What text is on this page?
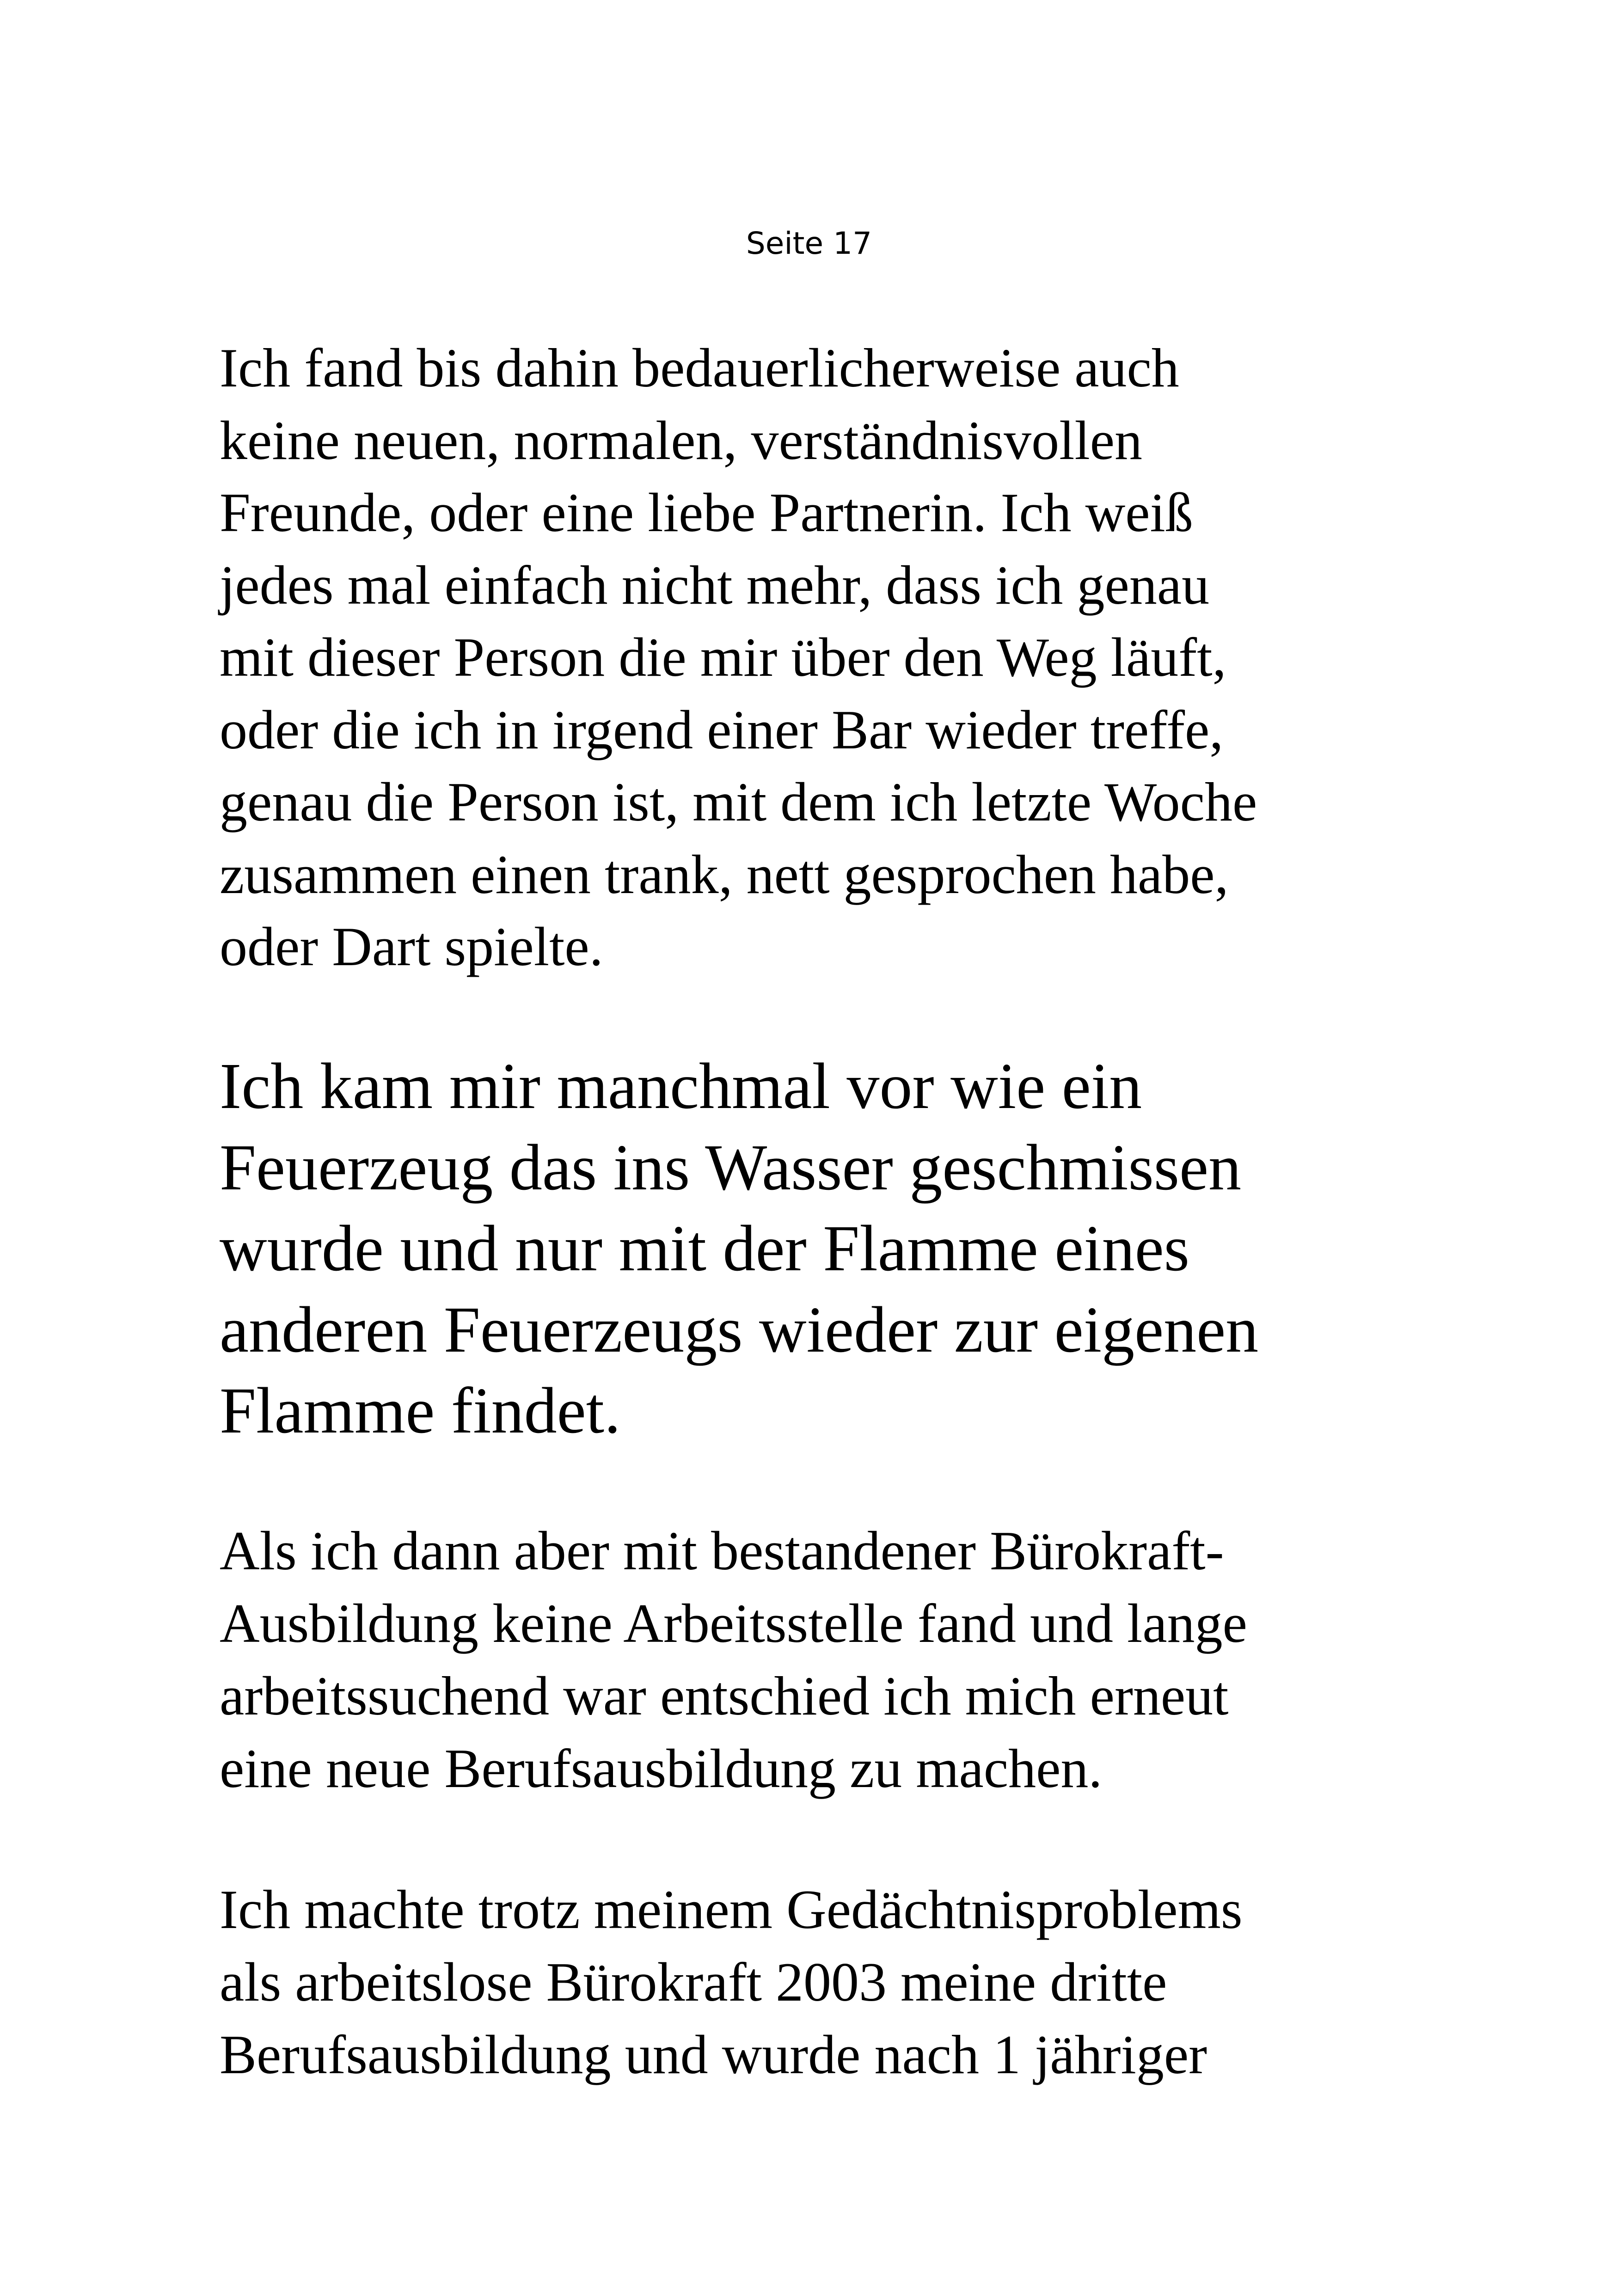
Seite 17

Ich fand bis dahin bedauerlicherweise auch
keine neuen, normalen, verständnisvollen
Freunde, oder eine liebe Partnerin. Ich weiß
jedes mal einfach nicht mehr, dass ich genau
mit dieser Person die mir über den Weg läuft,
oder die ich in irgend einer Bar wieder treffe,
genau die Person ist, mit dem ich letzte Woche
zusammen einen trank, nett gesprochen habe,
oder Dart spielte.

Ich kam mir manchmal vor wie ein
Feuerzeug das ins Wasser geschmissen
wurde und nur mit der Flamme eines
anderen Feuerzeugs wieder zur eigenen
Flamme findet.

Als ich dann aber mit bestandener Bürokraft-
Ausbildung keine Arbeitsstelle fand und lange
arbeitssuchend war entschied ich mich erneut
eine neue Berufsausbildung zu machen.

Ich machte trotz meinem Gedächtnisproblems
als arbeitslose Bürokraft 2003 meine dritte
Berufsausbildung und wurde nach 1 jähriger
